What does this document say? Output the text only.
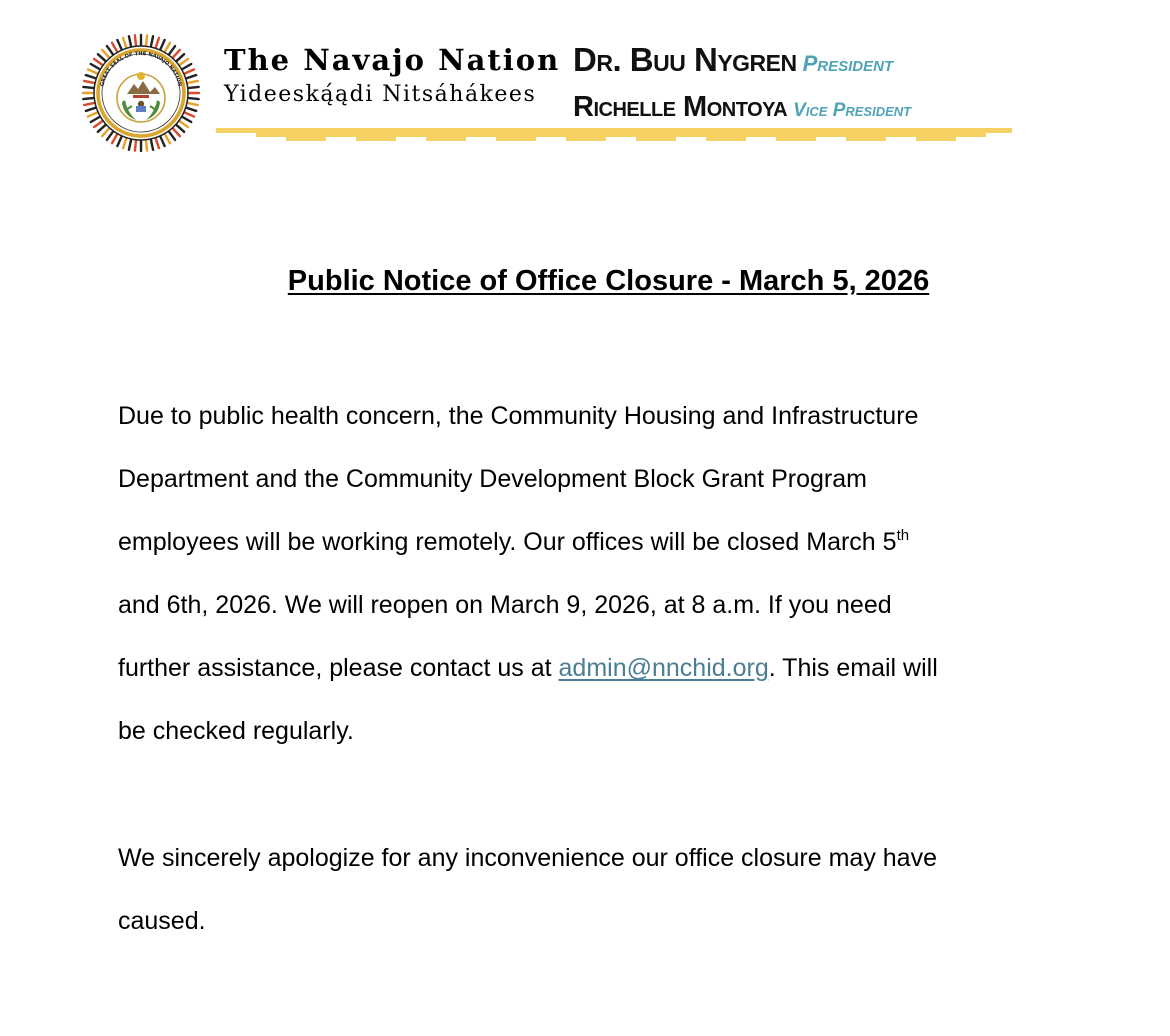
GREAT SEAL OF THE NAVAJO NATION
The Navajo Nation
Yideeską́ądi Nitsáhákees
Dr. Buu Nygren President
Richelle Montoya Vice President
Public Notice of Office Closure - March 5, 2026

Due to public health concern, the Community Housing and Infrastructure
Department and the Community Development Block Grant Program
employees will be working remotely. Our offices will be closed March 5th
and 6th, 2026. We will reopen on March 9, 2026, at 8 a.m. If you need
further assistance, please contact us at admin@nnchid.org. This email will
be checked regularly.

We sincerely apologize for any inconvenience our office closure may have
caused.
